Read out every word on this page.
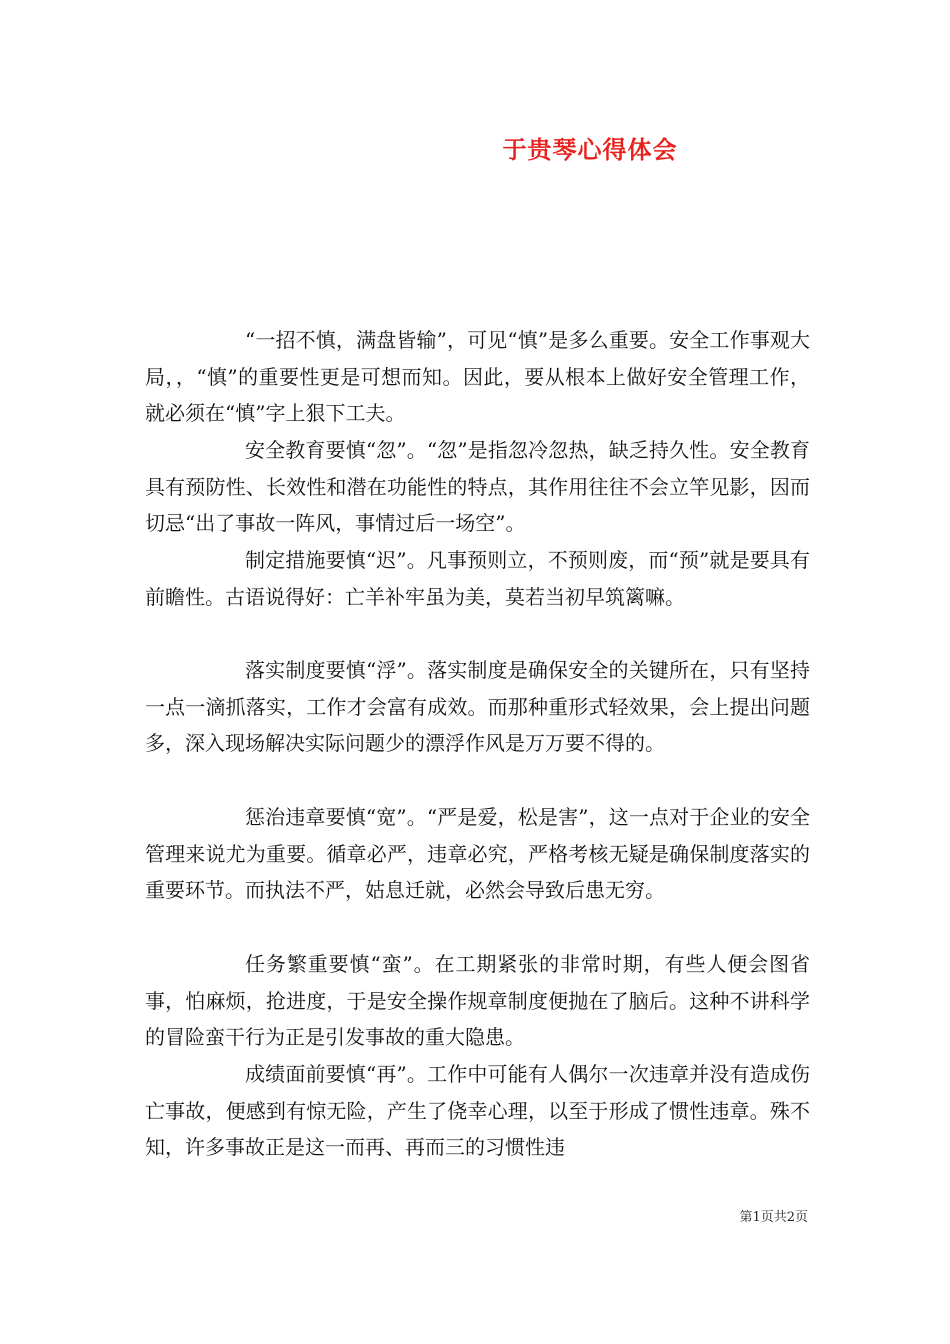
于贵琴心得体会

“一招不慎，满盘皆输”，可见“慎”是多么重要。安全工作事观大局，，“慎”的重要性更是可想而知。因此，要从根本上做好安全管理工作，就必须在“慎”字上狠下工夫。

安全教育要慎“忽”。“忽”是指忽冷忽热，缺乏持久性。安全教育具有预防性、长效性和潜在功能性的特点，其作用往往不会立竿见影，因而切忌“出了事故一阵风，事情过后一场空”。

制定措施要慎“迟”。凡事预则立，不预则废，而“预”就是要具有前瞻性。古语说得好：亡羊补牢虽为美，莫若当初早筑篱嘛。

落实制度要慎“浮”。落实制度是确保安全的关键所在，只有坚持一点一滴抓落实，工作才会富有成效。而那种重形式轻效果，会上提出问题多，深入现场解决实际问题少的漂浮作风是万万要不得的。

惩治违章要慎“宽”。“严是爱，松是害”，这一点对于企业的安全管理来说尤为重要。循章必严，违章必究，严格考核无疑是确保制度落实的重要环节。而执法不严，姑息迁就，必然会导致后患无穷。

任务繁重要慎“蛮”。在工期紧张的非常时期，有些人便会图省事，怕麻烦，抢进度，于是安全操作规章制度便抛在了脑后。这种不讲科学的冒险蛮干行为正是引发事故的重大隐患。

成绩面前要慎“再”。工作中可能有人偶尔一次违章并没有造成伤亡事故，便感到有惊无险，产生了侥幸心理，以至于形成了惯性违章。殊不知，许多事故正是这一而再、再而三的习惯性违

第1页共2页
